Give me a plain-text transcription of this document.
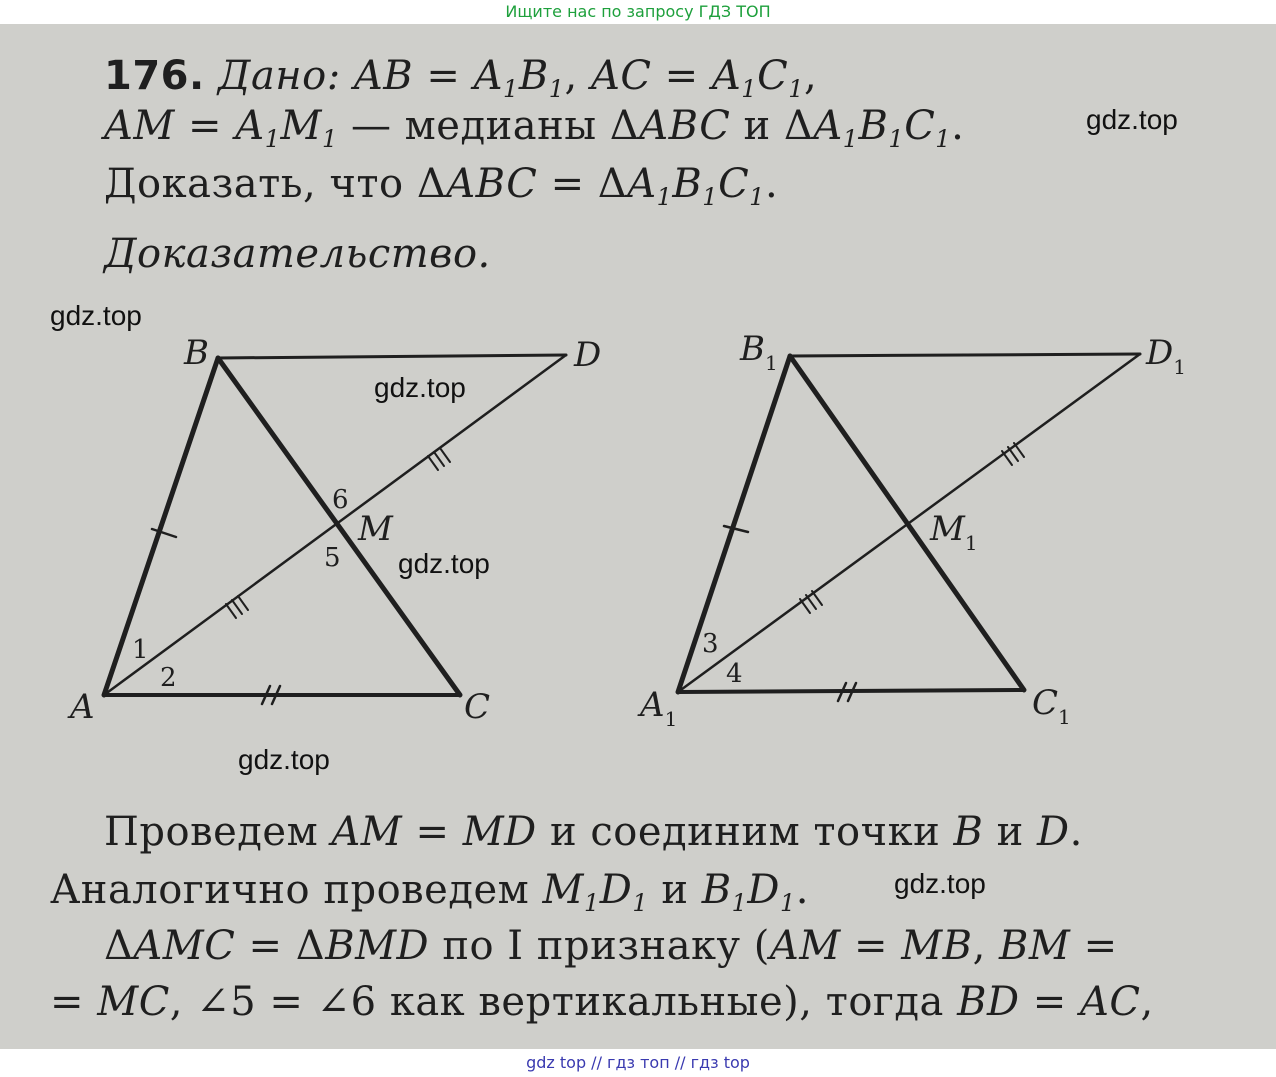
Ищите нас по запросу ГДЗ ТОП
176. Дано: AB = $A_1B_1$, AC = $A_1C_1$,
AM = $A_1M_1$ — медианы ΔABC и $\Delta A_1B_1C_1$.
Доказать, что $\Delta ABC = \Delta A_1B_1C_1$.
Доказательство.
A
B
C
D
M
1
2
5
6
$A_1$
$B_1$
$C_1$
$D_1$
$M_1$
3
4
Проведем AM = MD и соединим точки B и D.
Аналогично проведем $M_1D_1$ и $B_1D_1$.
ΔAMC = ΔBMD по I признаку (AM = MB, BM =
= MC, ∠5 = ∠6 как вертикальные), тогда BD = AC,
gdz.top
gdz.top
gdz.top
gdz.top
gdz.top
gdz.top
gdz top // гдз топ // гдз top
